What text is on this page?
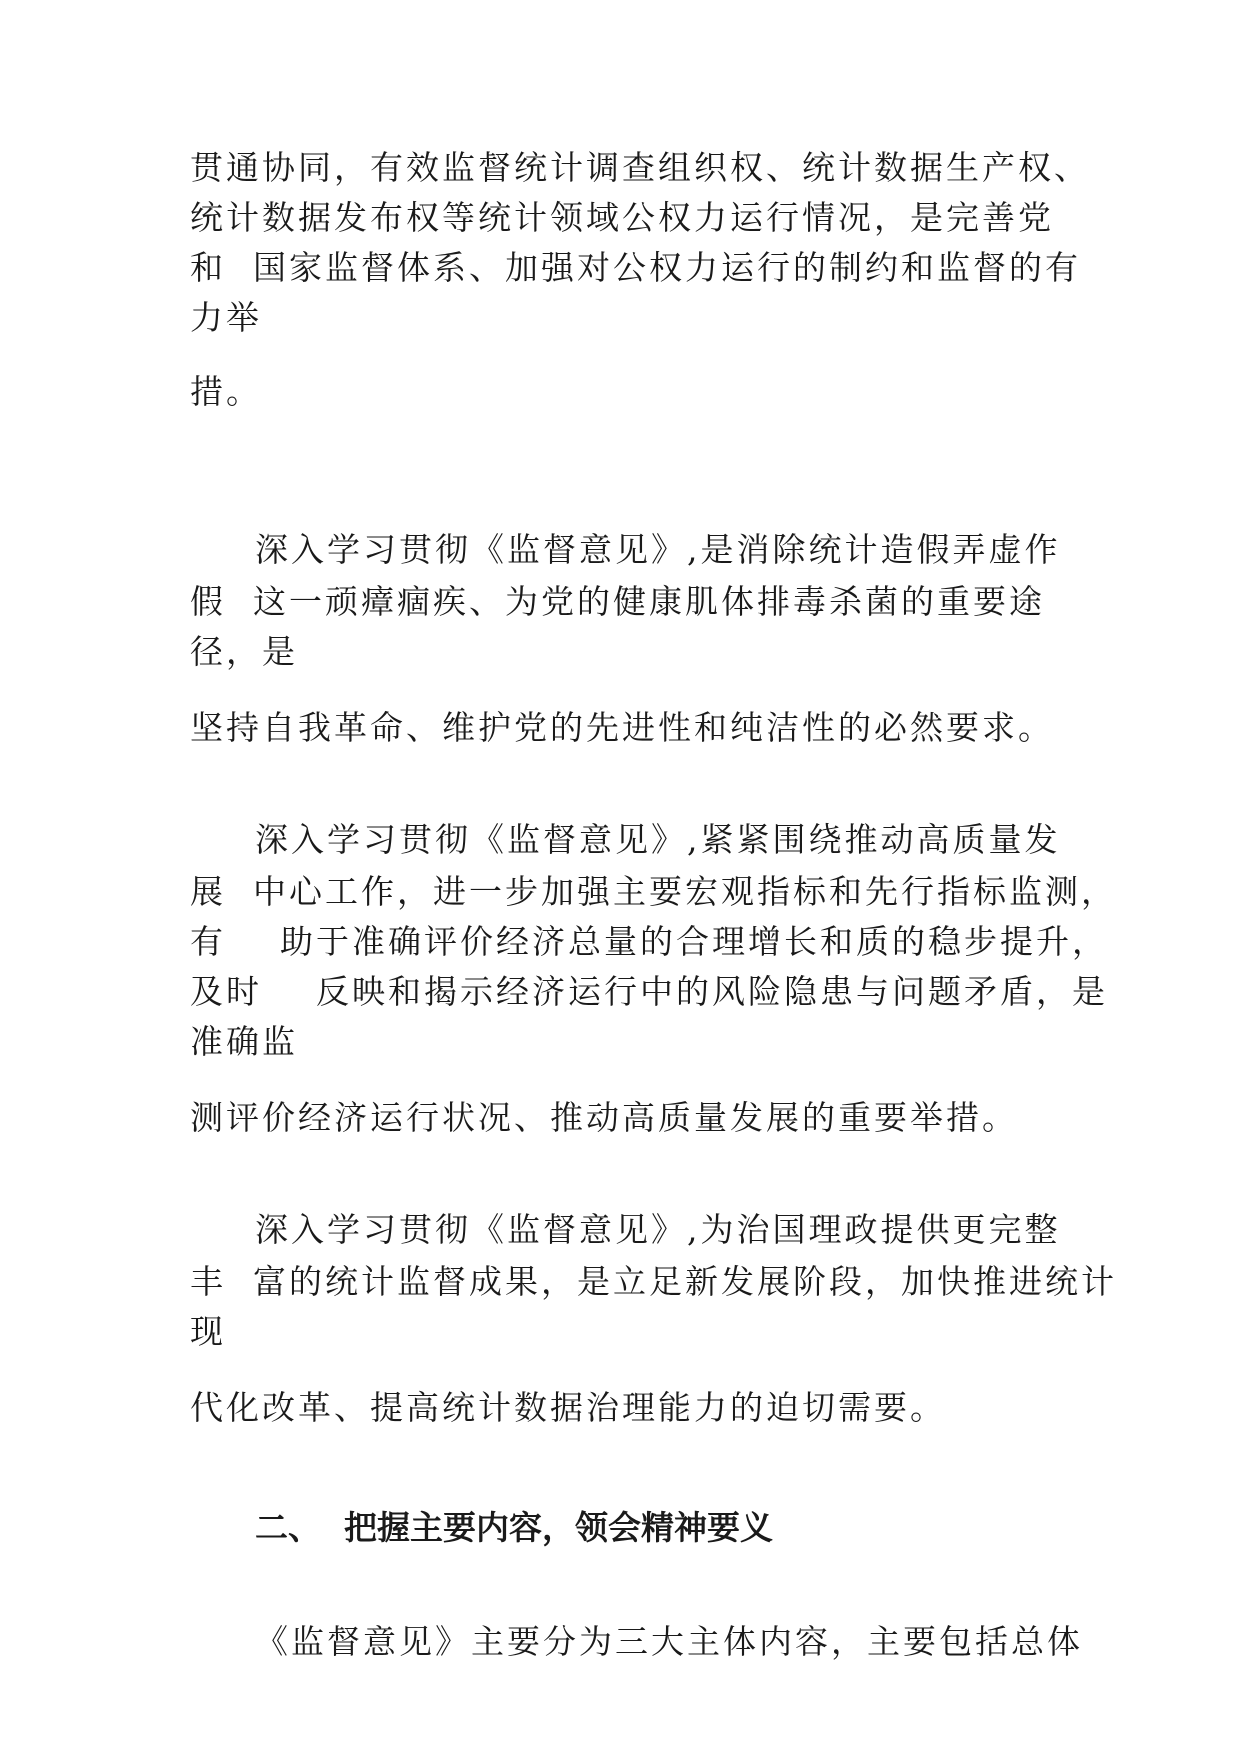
贯通协同，有效监督统计调查组织权、统计数据生产权、
统计数据发布权等统计领域公权力运行情况，是完善党
和  国家监督体系、加强对公权力运行的制约和监督的有
力举
措。
深入学习贯彻《监督意见》,是消除统计造假弄虚作
假  这一顽瘴痼疾、为党的健康肌体排毒杀菌的重要途
径，是
坚持自我革命、维护党的先进性和纯洁性的必然要求。
深入学习贯彻《监督意见》,紧紧围绕推动高质量发
展  中心工作，进一步加强主要宏观指标和先行指标监测，
有    助于准确评价经济总量的合理增长和质的稳步提升，
及时    反映和揭示经济运行中的风险隐患与问题矛盾，是
准确监
测评价经济运行状况、推动高质量发展的重要举措。
深入学习贯彻《监督意见》,为治国理政提供更完整
丰  富的统计监督成果，是立足新发展阶段，加快推进统计
现
代化改革、提高统计数据治理能力的迫切需要。
二、  把握主要内容，领会精神要义
《监督意见》主要分为三大主体内容，主要包括总体
